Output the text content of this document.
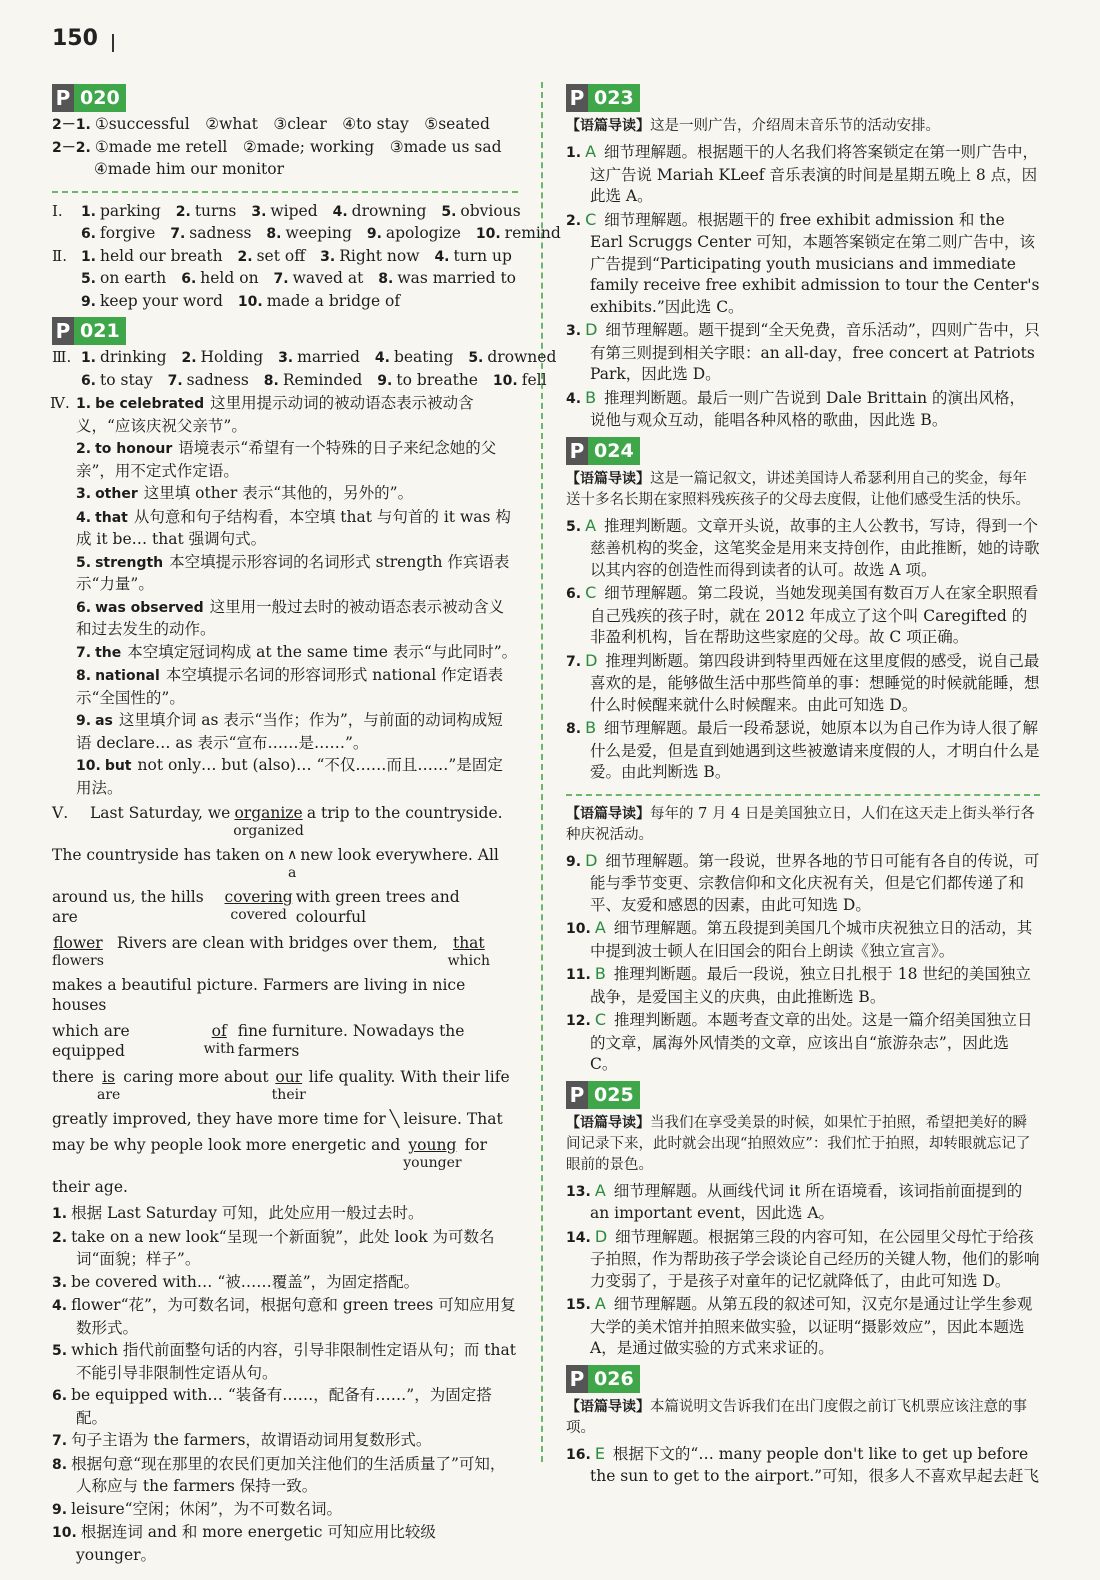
150
P 020
2－1. ①successful　②what　③clear　④to stay　⑤seated
2－2. ①made me retell　②made; working　③made us sad
④made him our monitor
Ⅰ. 1. parking 2. turns 3. wiped 4. drowning 5. obvious
6. forgive 7. sadness 8. weeping 9. apologize 10. remind
Ⅱ. 1. held our breath 2. set off 3. Right now 4. turn up
5. on earth 6. held on 7. waved at 8. was married to
9. keep your word 10. made a bridge of
P 021
Ⅲ. 1. drinking 2. Holding 3. married 4. beating 5. drowned
6. to stay 7. sadness 8. Reminded 9. to breathe 10. fell
Ⅳ. 1. be celebrated 这里用提示动词的被动语态表示被动含义，“应该庆祝父亲节”。
2. to honour 语境表示“希望有一个特殊的日子来纪念她的父亲”，用不定式作定语。
3. other 这里填 other 表示“其他的，另外的”。
4. that 从句意和句子结构看，本空填 that 与句首的 it was 构成 it be… that 强调句式。
5. strength 本空填提示形容词的名词形式 strength 作宾语表示“力量”。
6. was observed 这里用一般过去时的被动语态表示被动含义和过去发生的动作。
7. the 本空填定冠词构成 at the same time 表示“与此同时”。
8. national 本空填提示名词的形容词形式 national 作定语表示“全国性的”。
9. as 这里填介词 as 表示“当作；作为”，与前面的动词构成短语 declare… as 表示“宣布……是……”。
10. but not only… but (also)… “不仅……而且……”是固定用法。
Ⅴ.	Last Saturday, we organize
organized
a trip to the countryside.
The countryside has taken on ∧
a
new look everywhere. All
around us, the hills are
covering
covered
with green trees and colourful
flower
flowers
Rivers are clean with bridges over them, that
which
makes a beautiful picture. Farmers are living in nice houses
which are equipped
of
with
fine furniture. Nowadays the farmers
there is
are
caring more about our
their
life quality. With their life
greatly improved, they have more time for ╲ leisure. That
may be why people look more energetic and young
younger
for
their age.
1. 根据 Last Saturday 可知，此处应用一般过去时。
2. take on a new look“呈现一个新面貌”，此处 look 为可数名词“面貌；样子”。
3. be covered with… “被……覆盖”，为固定搭配。
4. flower“花”，为可数名词，根据句意和 green trees 可知应用复数形式。
5. which 指代前面整句话的内容，引导非限制性定语从句；而 that 不能引导非限制性定语从句。
6. be equipped with… “装备有……，配备有……”，为固定搭配。
7. 句子主语为 the farmers，故谓语动词用复数形式。
8. 根据句意“现在那里的农民们更加关注他们的生活质量了”可知，人称应与 the farmers 保持一致。
9. leisure“空闲；休闲”，为不可数名词。
10. 根据连词 and 和 more energetic 可知应用比较级 younger。
P 023
【语篇导读】这是一则广告，介绍周末音乐节的活动安排。
1. A 细节理解题。根据题干的人名我们将答案锁定在第一则广告中，这广告说 Mariah KLeef 音乐表演的时间是星期五晚上 8 点，因此选 A。
2. C 细节理解题。根据题干的 free exhibit admission 和 the Earl Scruggs Center 可知，本题答案锁定在第二则广告中，该广告提到“Participating youth musicians and immediate family receive free exhibit admission to tour the Center's exhibits.”因此选 C。
3. D 细节理解题。题干提到“全天免费，音乐活动”，四则广告中，只有第三则提到相关字眼：an all-day，free concert at Patriots Park，因此选 D。
4. B 推理判断题。最后一则广告说到 Dale Brittain 的演出风格，说他与观众互动，能唱各种风格的歌曲，因此选 B。
P 024
【语篇导读】这是一篇记叙文，讲述美国诗人希瑟利用自己的奖金，每年送十多名长期在家照料残疾孩子的父母去度假，让他们感受生活的快乐。
5. A 推理判断题。文章开头说，故事的主人公教书，写诗，得到一个慈善机构的奖金，这笔奖金是用来支持创作，由此推断，她的诗歌以其内容的创造性而得到读者的认可。故选 A 项。
6. C 细节理解题。第二段说，当她发现美国有数百万人在家全职照看自己残疾的孩子时，就在 2012 年成立了这个叫 Caregifted 的非盈利机构，旨在帮助这些家庭的父母。故 C 项正确。
7. D 推理判断题。第四段讲到特里西娅在这里度假的感受，说自己最喜欢的是，能够做生活中那些简单的事：想睡觉的时候就能睡，想什么时候醒来就什么时候醒来。由此可知选 D。
8. B 细节理解题。最后一段希瑟说，她原本以为自己作为诗人很了解什么是爱，但是直到她遇到这些被邀请来度假的人，才明白什么是爱。由此判断选 B。
【语篇导读】每年的 7 月 4 日是美国独立日，人们在这天走上街头举行各种庆祝活动。
9. D 细节理解题。第一段说，世界各地的节日可能有各自的传说，可能与季节变更、宗教信仰和文化庆祝有关，但是它们都传递了和平、友爱和感恩的因素，由此可知选 D。
10. A 细节理解题。第五段提到美国几个城市庆祝独立日的活动，其中提到波士顿人在旧国会的阳台上朗读《独立宣言》。
11. B 推理判断题。最后一段说，独立日扎根于 18 世纪的美国独立战争，是爱国主义的庆典，由此推断选 B。
12. C 推理判断题。本题考查文章的出处。这是一篇介绍美国独立日的文章，属海外风情类的文章，应该出自“旅游杂志”，因此选 C。
P 025
【语篇导读】当我们在享受美景的时候，如果忙于拍照，希望把美好的瞬间记录下来，此时就会出现“拍照效应”：我们忙于拍照，却转眼就忘记了眼前的景色。
13. A 细节理解题。从画线代词 it 所在语境看，该词指前面提到的 an important event，因此选 A。
14. D 细节理解题。根据第三段的内容可知，在公园里父母忙于给孩子拍照，作为帮助孩子学会谈论自己经历的关键人物，他们的影响力变弱了，于是孩子对童年的记忆就降低了，由此可知选 D。
15. A 细节理解题。从第五段的叙述可知，汉克尔是通过让学生参观大学的美术馆并拍照来做实验，以证明“摄影效应”，因此本题选 A，是通过做实验的方式来求证的。
P 026
【语篇导读】本篇说明文告诉我们在出门度假之前订飞机票应该注意的事项。
16. E 根据下文的“… many people don't like to get up before the sun to get to the airport.”可知，很多人不喜欢早起去赶飞
